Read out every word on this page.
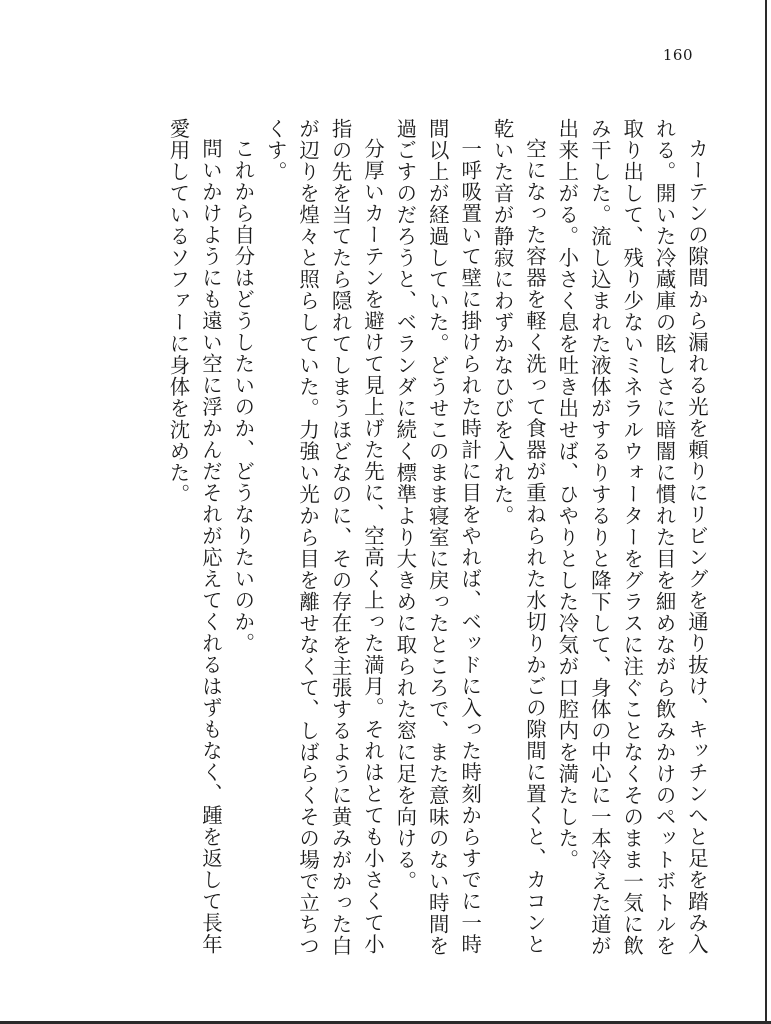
160

カーテンの隙間から漏れる光を頼りにリビングを通り抜け、キッチンへと足を踏み入れる。開いた冷蔵庫の眩しさに暗闇に慣れた目を細めながら飲みかけのペットボトルを取り出して、残り少ないミネラルウォーターをグラスに注ぐことなくそのまま一気に飲み干した。流し込まれた液体がするりするりと降下して、身体の中心に一本冷えた道が出来上がる。小さく息を吐き出せば、ひやりとした冷気が口腔内を満たした。

空になった容器を軽く洗って食器が重ねられた水切りかごの隙間に置くと、カコンと乾いた音が静寂にわずかなひびを入れた。

一呼吸置いて壁に掛けられた時計に目をやれば、ベッドに入った時刻からすでに一時間以上が経過していた。どうせこのまま寝室に戻ったところで、また意味のない時間を過ごすのだろうと、ベランダに続く標準より大きめに取られた窓に足を向ける。

分厚いカーテンを避けて見上げた先に、空高く上った満月。それはとても小さくて小指の先を当てたら隠れてしまうほどなのに、その存在を主張するように黄みがかった白が辺りを煌々と照らしていた。力強い光から目を離せなくて、しばらくその場で立ちつくす。

これから自分はどうしたいのか、どうなりたいのか。

問いかけようにも遠い空に浮かんだそれが応えてくれるはずもなく、踵を返して長年愛用しているソファーに身体を沈めた。
